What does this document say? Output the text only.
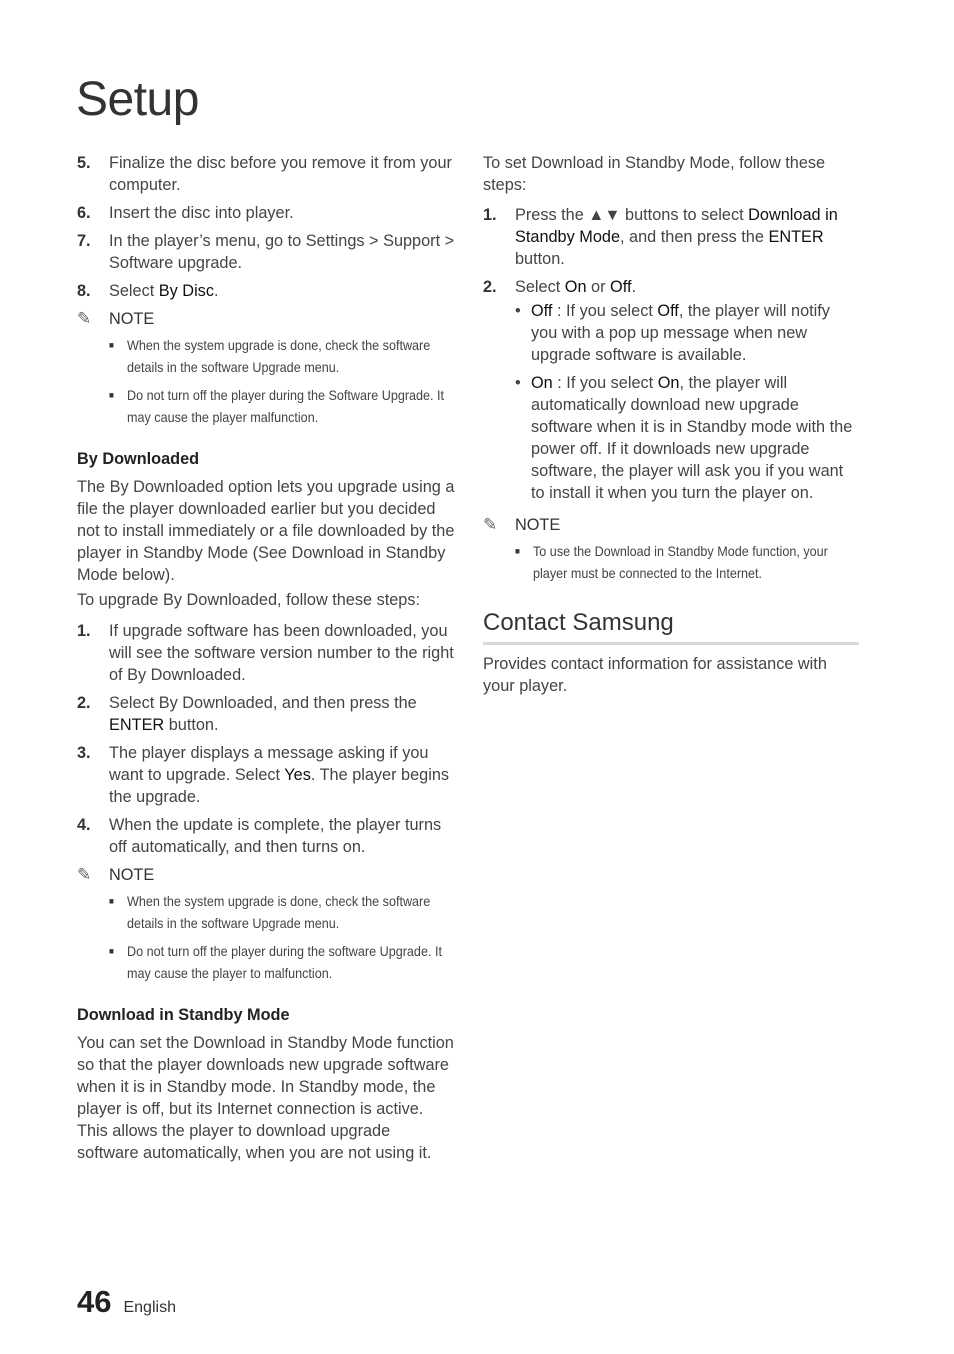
Setup
5.	Finalize the disc before you remove it from your computer.
6.	Insert the disc into player.
7.	In the player’s menu, go to Settings > Support > Software upgrade.
8.	Select By Disc.
✎	NOTE
■ When the system upgrade is done, check the software details in the software Upgrade menu.
■ Do not turn off the player during the Software Upgrade. It may cause the player malfunction.
By Downloaded

The By Downloaded option lets you upgrade using a file the player downloaded earlier but you decided not to install immediately or a file downloaded by the player in Standby Mode (See Download in Standby Mode below).

To upgrade By Downloaded, follow these steps:

1.	If upgrade software has been downloaded, you will see the software version number to the right of By Downloaded.
2.	Select By Downloaded, and then press the ENTER button.
3.	The player displays a message asking if you want to upgrade. Select Yes. The player begins the upgrade.
4.	When the update is complete, the player turns off automatically, and then turns on.
✎	NOTE
■ When the system upgrade is done, check the software details in the software Upgrade menu.
■ Do not turn off the player during the software Upgrade. It may cause the player to malfunction.
Download in Standby Mode

You can set the Download in Standby Mode function so that the player downloads new upgrade software when it is in Standby mode. In Standby mode, the player is off, but its Internet connection is active. This allows the player to download upgrade software automatically, when you are not using it.

To set Download in Standby Mode, follow these steps:

1.	Press the ▲▼ buttons to select Download in Standby Mode, and then press the ENTER button.
2.	Select On or Off.
• Off : If you select Off, the player will notify you with a pop up message when new upgrade software is available.
• On : If you select On, the player will automatically download new upgrade software when it is in Standby mode with the power off. If it downloads new upgrade software, the player will ask you if you want to install it when you turn the player on.
✎	NOTE
■ To use the Download in Standby Mode function, your player must be connected to the Internet.
Contact Samsung

Provides contact information for assistance with your player.

46 English
